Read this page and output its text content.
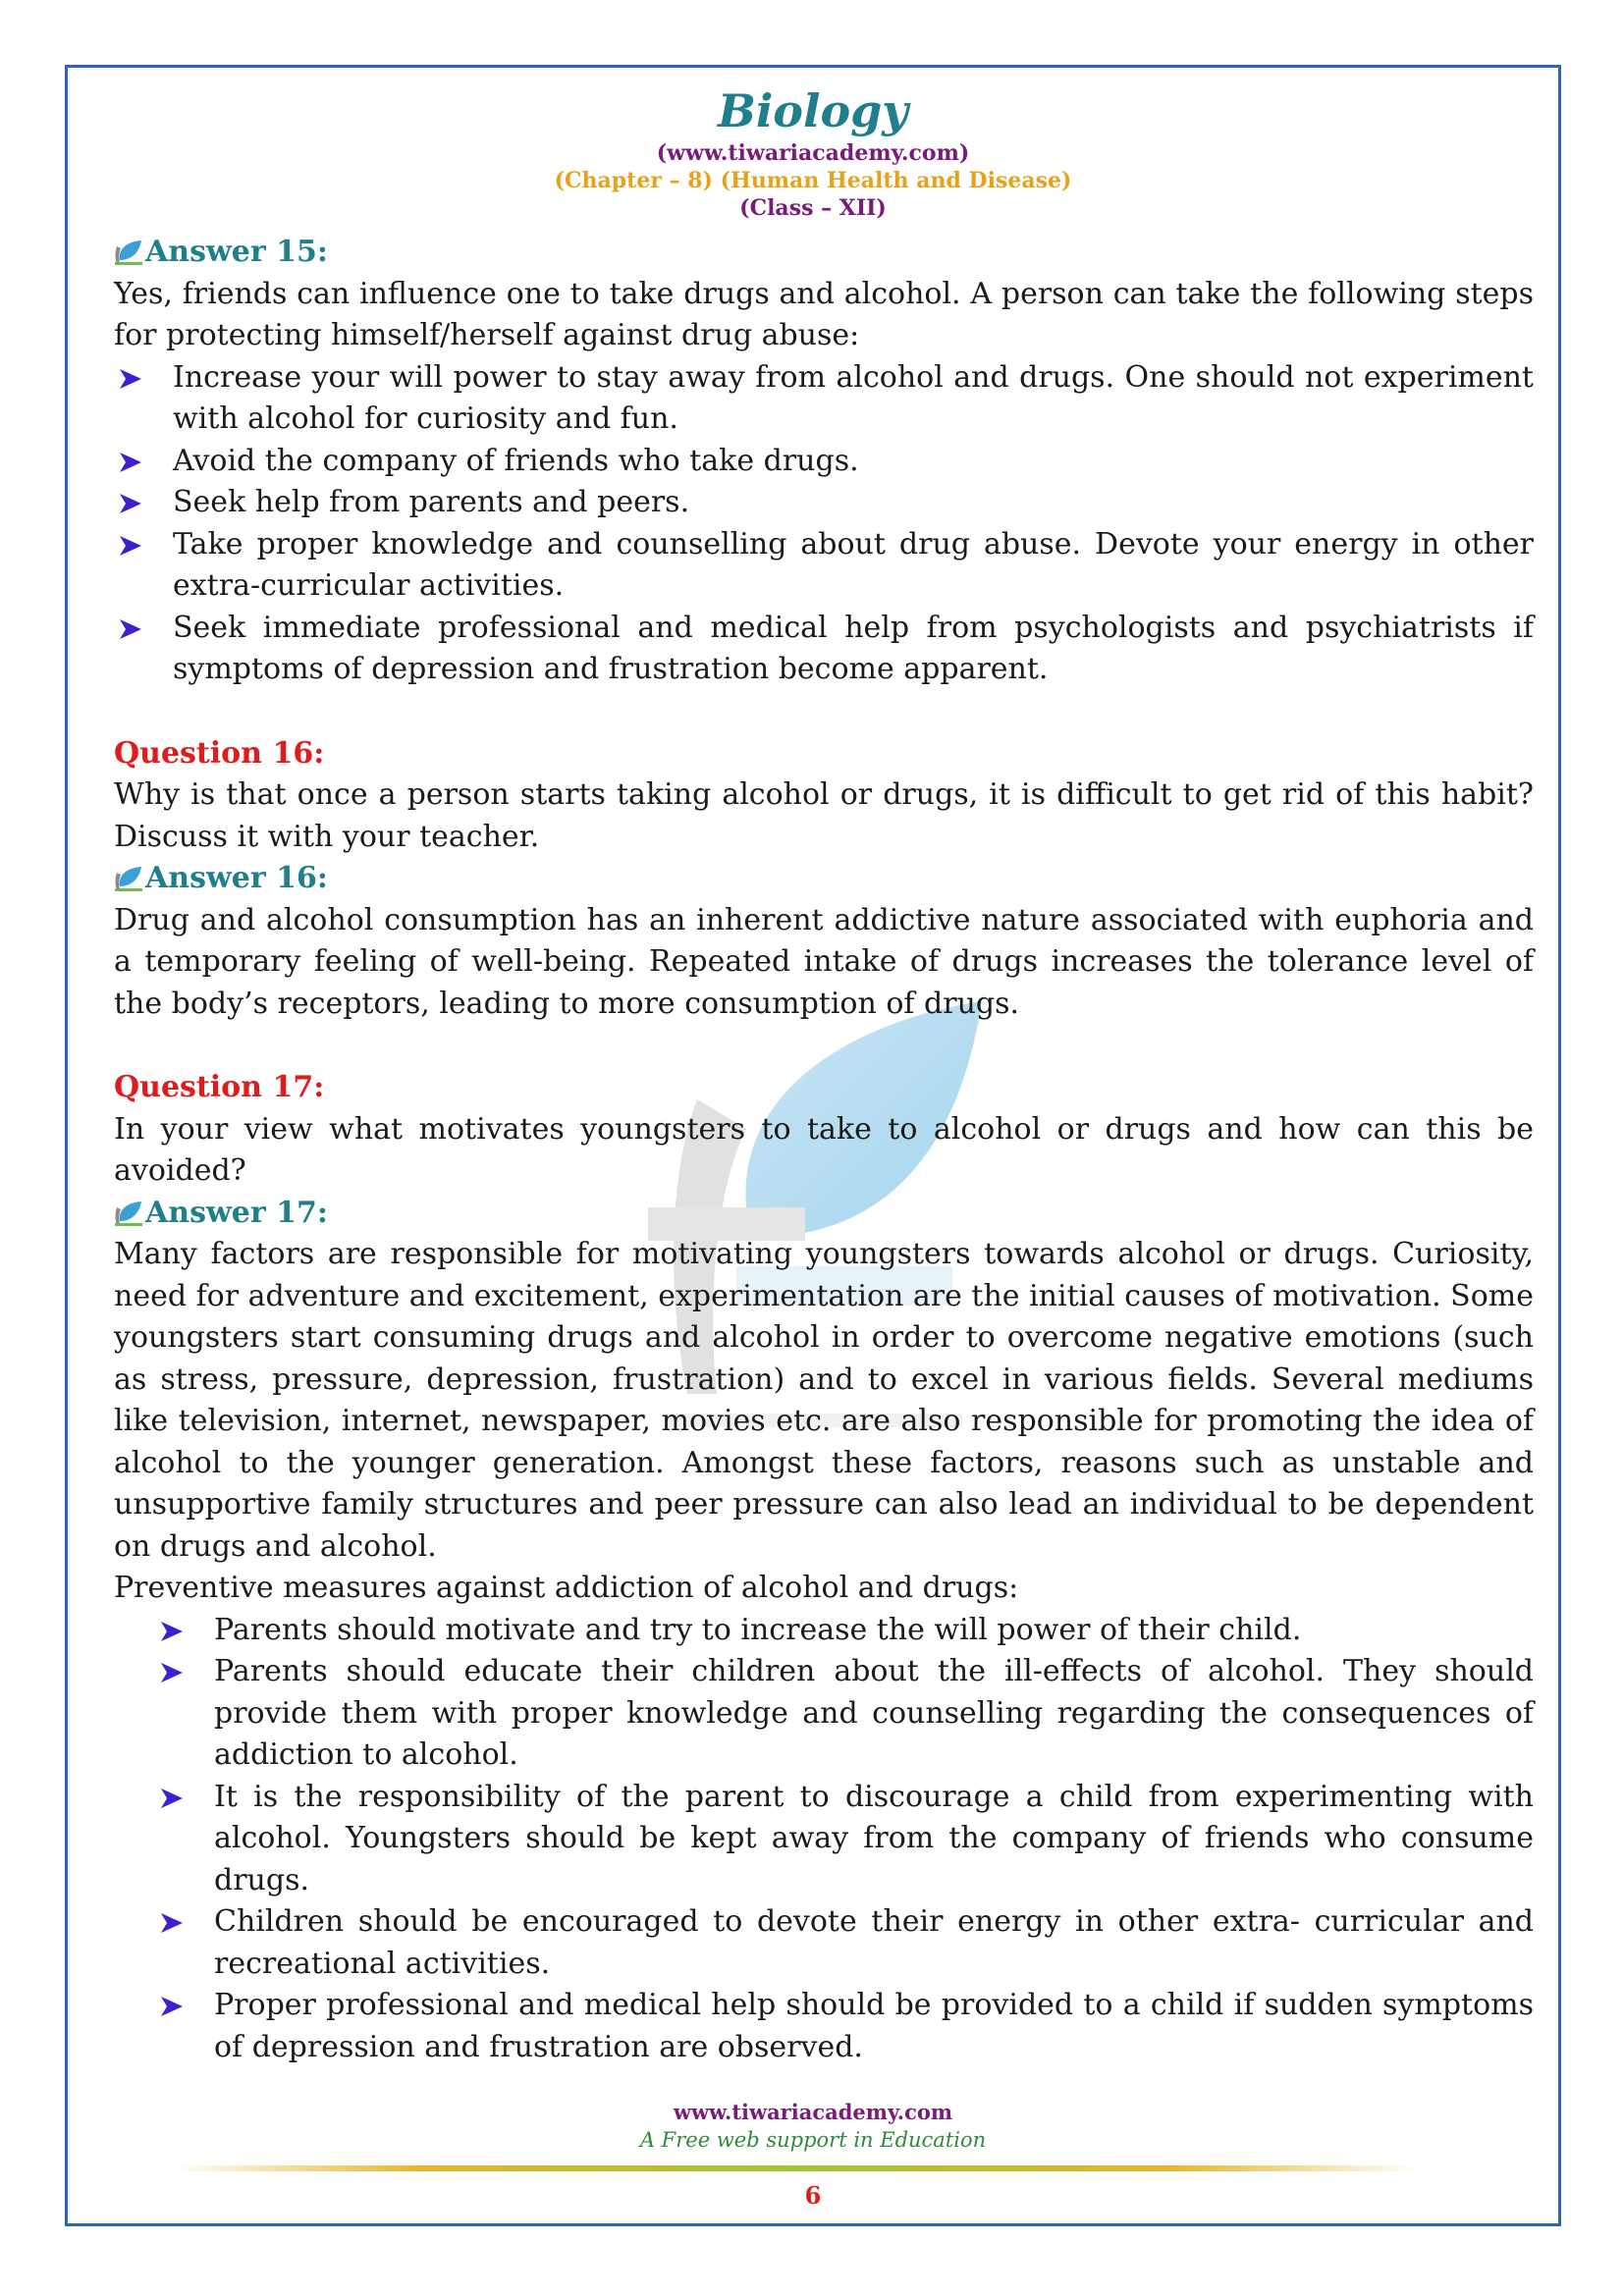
Biology
(www.tiwariacademy.com)
(Chapter – 8) (Human Health and Disease)
(Class – XII)
Answer 15:

Yes, friends can influence one to take drugs and alcohol. A person can take the following steps for protecting himself/herself against drug abuse:

Increase your will power to stay away from alcohol and drugs. One should not experiment with alcohol for curiosity and fun.
Avoid the company of friends who take drugs.
Seek help from parents and peers.
Take proper knowledge and counselling about drug abuse. Devote your energy in other extra-curricular activities.
Seek immediate professional and medical help from psychologists and psychiatrists if symptoms of depression and frustration become apparent.
Question 16:

Why is that once a person starts taking alcohol or drugs, it is difficult to get rid of this habit? Discuss it with your teacher.

Answer 16:

Drug and alcohol consumption has an inherent addictive nature associated with euphoria and a temporary feeling of well-being. Repeated intake of drugs increases the tolerance level of the body’s receptors, leading to more consumption of drugs.

Question 17:

In your view what motivates youngsters to take to alcohol or drugs and how can this be avoided?

Answer 17:

Many factors are responsible for motivating youngsters towards alcohol or drugs. Curiosity, need for adventure and excitement, experimentation are the initial causes of motivation. Some youngsters start consuming drugs and alcohol in order to overcome negative emotions (such as stress, pressure, depression, frustration) and to excel in various fields. Several mediums like television, internet, newspaper, movies etc. are also responsible for promoting the idea of alcohol to the younger generation. Amongst these factors, reasons such as unstable and unsupportive family structures and peer pressure can also lead an individual to be dependent on drugs and alcohol.

Preventive measures against addiction of alcohol and drugs:

Parents should motivate and try to increase the will power of their child.
Parents should educate their children about the ill-effects of alcohol. They should provide them with proper knowledge and counselling regarding the consequences of addiction to alcohol.
It is the responsibility of the parent to discourage a child from experimenting with alcohol. Youngsters should be kept away from the company of friends who consume drugs.
Children should be encouraged to devote their energy in other extra- curricular and recreational activities.
Proper professional and medical help should be provided to a child if sudden symptoms of depression and frustration are observed.
www.tiwariacademy.com
A Free web support in Education
6
